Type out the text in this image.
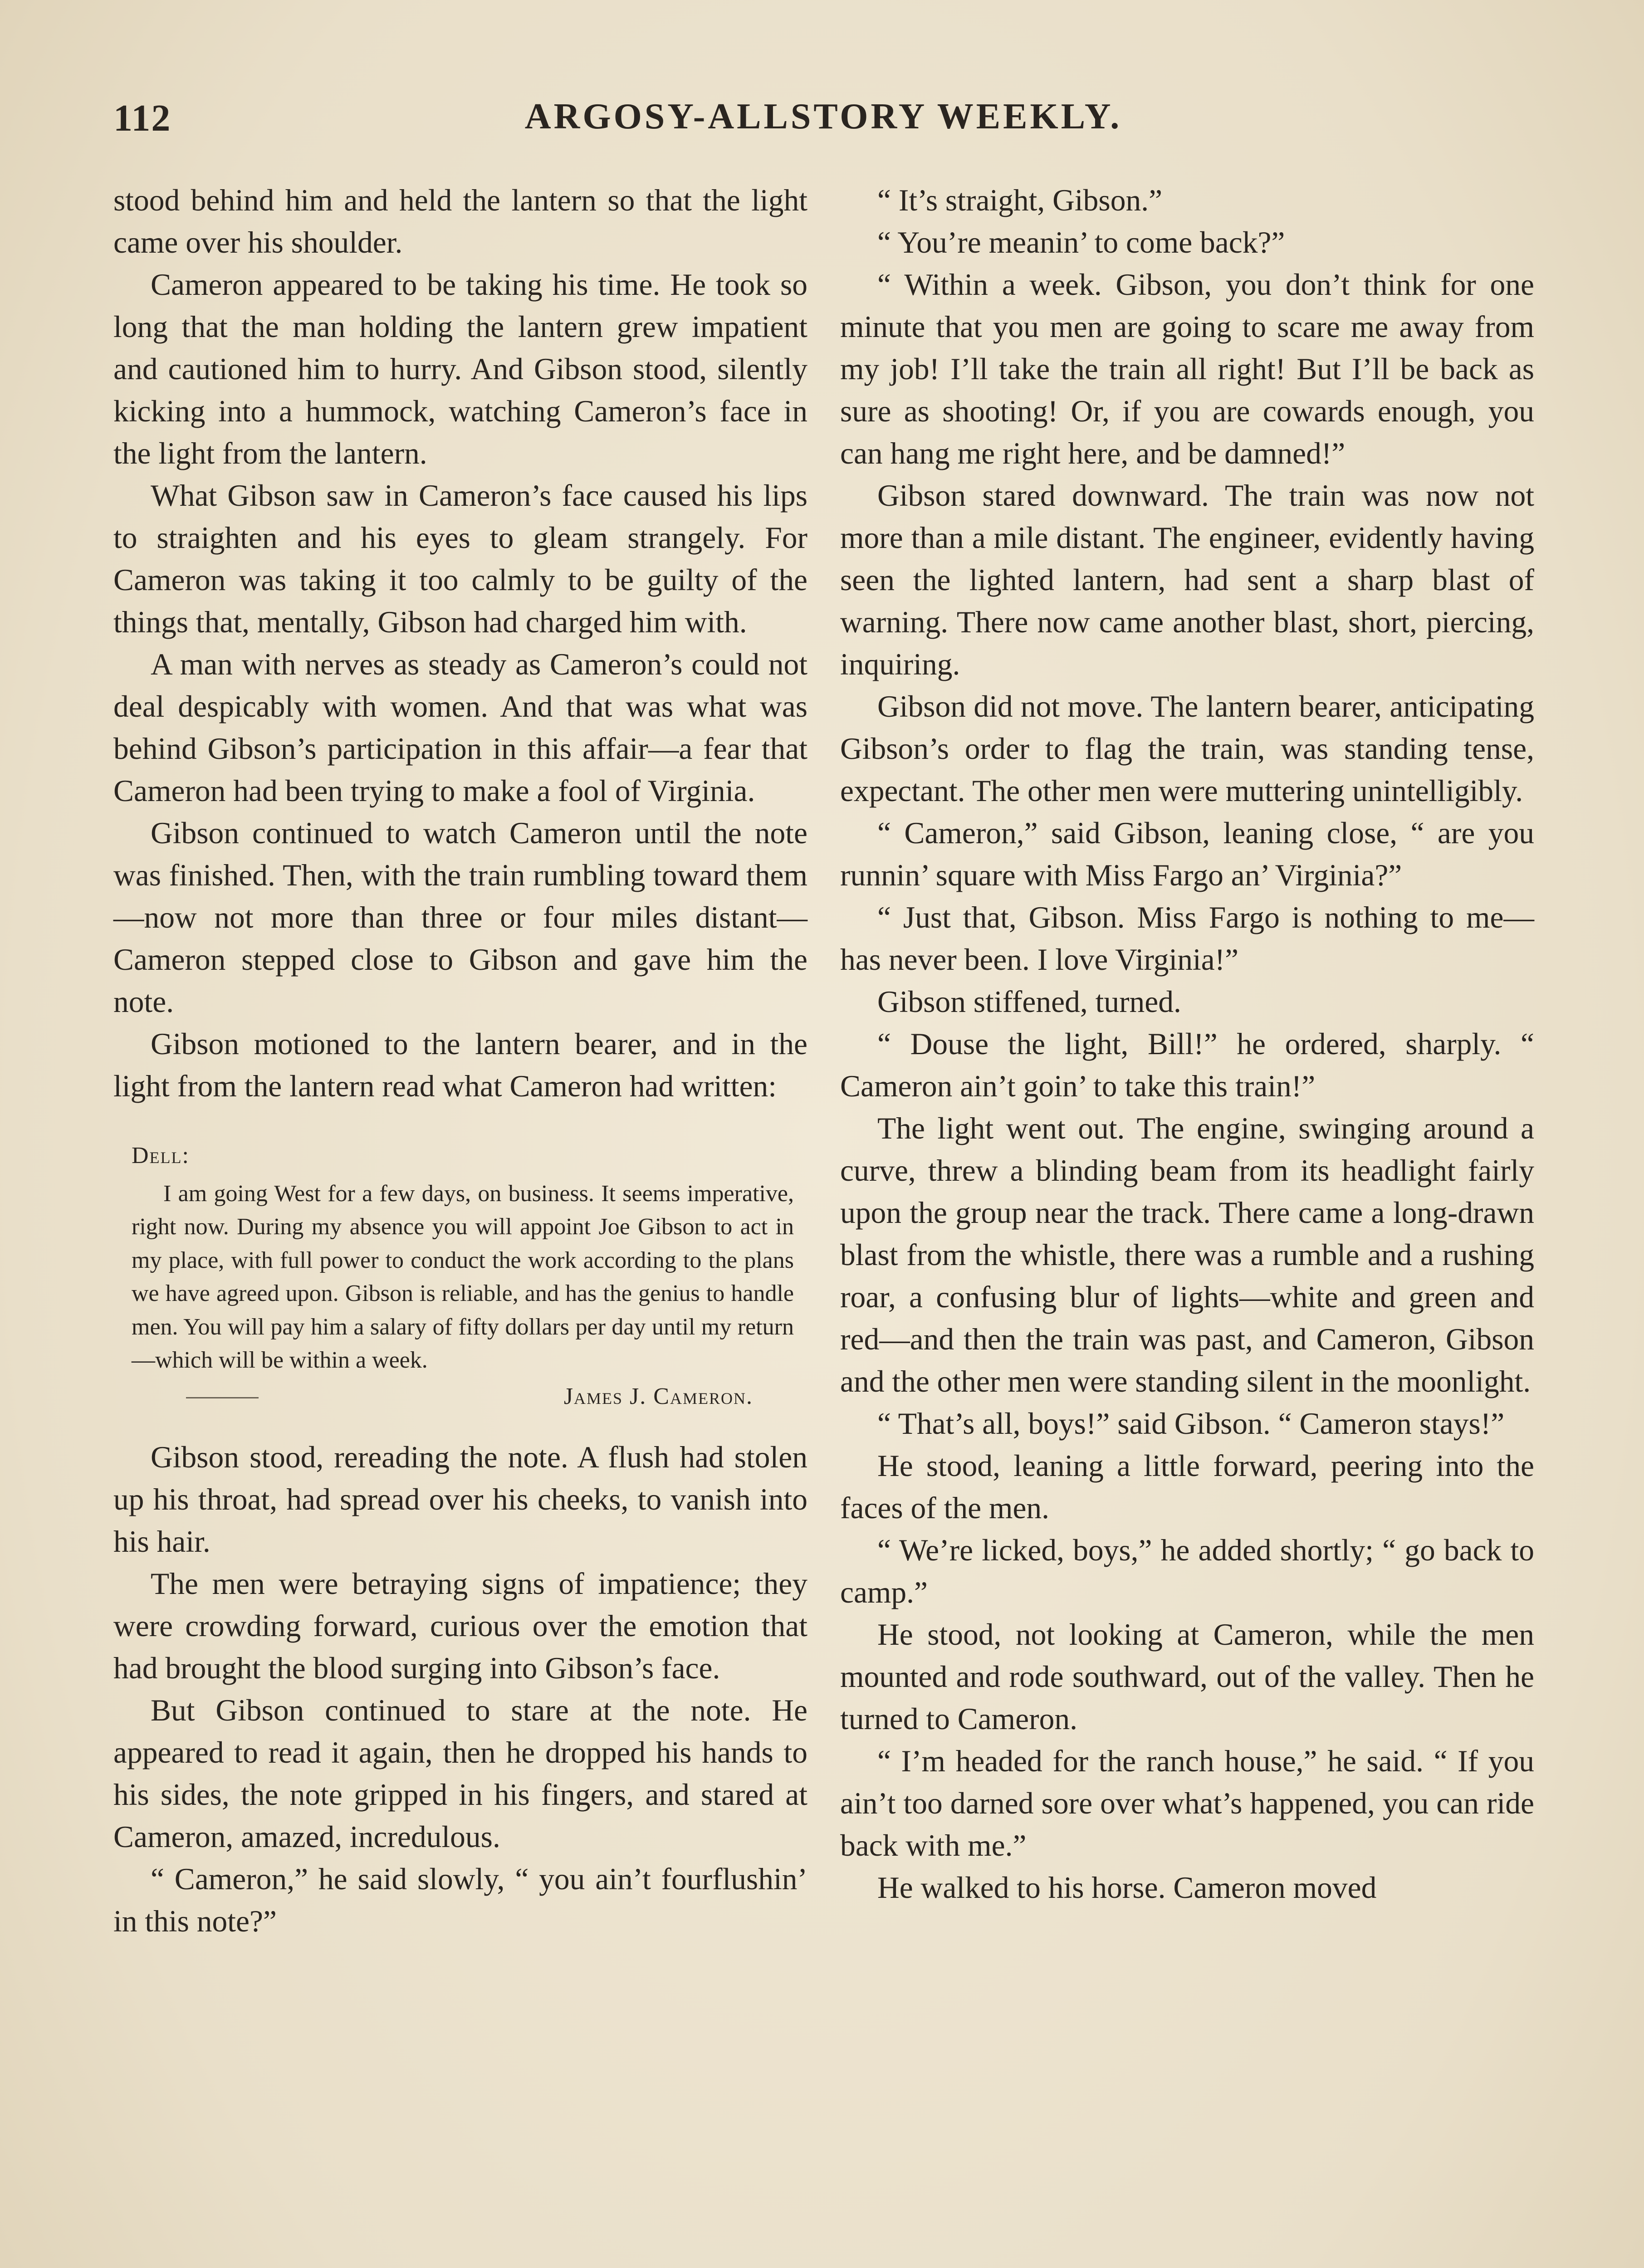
112	ARGOSY-ALLSTORY WEEKLY.

stood behind him and held the lantern so that the light came over his shoulder.

Cameron appeared to be taking his time. He took so long that the man holding the lantern grew impatient and cautioned him to hurry. And Gibson stood, silently kicking into a hummock, watching Cameron’s face in the light from the lantern.

What Gibson saw in Cameron’s face caused his lips to straighten and his eyes to gleam strangely. For Cameron was taking it too calmly to be guilty of the things that, mentally, Gibson had charged him with.

A man with nerves as steady as Cameron’s could not deal despicably with women. And that was what was behind Gibson’s participation in this affair—a fear that Cameron had been trying to make a fool of Virginia.

Gibson continued to watch Cameron until the note was finished. Then, with the train rumbling toward them—now not more than three or four miles distant—Cameron stepped close to Gibson and gave him the note.

Gibson motioned to the lantern bearer, and in the light from the lantern read what Cameron had written:

Dell:

I am going West for a few days, on business. It seems imperative, right now. During my absence you will appoint Joe Gibson to act in my place, with full power to conduct the work according to the plans we have agreed upon. Gibson is reliable, and has the genius to handle men. You will pay him a salary of fifty dollars per day until my return—which will be within a week.

James J. Cameron.

Gibson stood, rereading the note. A flush had stolen up his throat, had spread over his cheeks, to vanish into his hair.

The men were betraying signs of impatience; they were crowding forward, curious over the emotion that had brought the blood surging into Gibson’s face.

But Gibson continued to stare at the note. He appeared to read it again, then he dropped his hands to his sides, the note gripped in his fingers, and stared at Cameron, amazed, incredulous.

“ Cameron,” he said slowly, “ you ain’t fourflushin’ in this note?”

“ It’s straight, Gibson.”

“ You’re meanin’ to come back?”

“ Within a week. Gibson, you don’t think for one minute that you men are going to scare me away from my job! I’ll take the train all right! But I’ll be back as sure as shooting! Or, if you are cowards enough, you can hang me right here, and be damned!”

Gibson stared downward. The train was now not more than a mile distant. The engineer, evidently having seen the lighted lantern, had sent a sharp blast of warning. There now came another blast, short, piercing, inquiring.

Gibson did not move. The lantern bearer, anticipating Gibson’s order to flag the train, was standing tense, expectant. The other men were muttering unintelligibly.

“ Cameron,” said Gibson, leaning close, “ are you runnin’ square with Miss Fargo an’ Virginia?”

“ Just that, Gibson. Miss Fargo is nothing to me—has never been. I love Virginia!”

Gibson stiffened, turned.

“ Douse the light, Bill!” he ordered, sharply. “ Cameron ain’t goin’ to take this train!”

The light went out. The engine, swinging around a curve, threw a blinding beam from its headlight fairly upon the group near the track. There came a long-drawn blast from the whistle, there was a rumble and a rushing roar, a confusing blur of lights—white and green and red—and then the train was past, and Cameron, Gibson and the other men were standing silent in the moonlight.

“ That’s all, boys!” said Gibson. “ Cameron stays!”

He stood, leaning a little forward, peering into the faces of the men.

“ We’re licked, boys,” he added shortly; “ go back to camp.”

He stood, not looking at Cameron, while the men mounted and rode southward, out of the valley. Then he turned to Cameron.

“ I’m headed for the ranch house,” he said. “ If you ain’t too darned sore over what’s happened, you can ride back with me.”

He walked to his horse. Cameron moved
